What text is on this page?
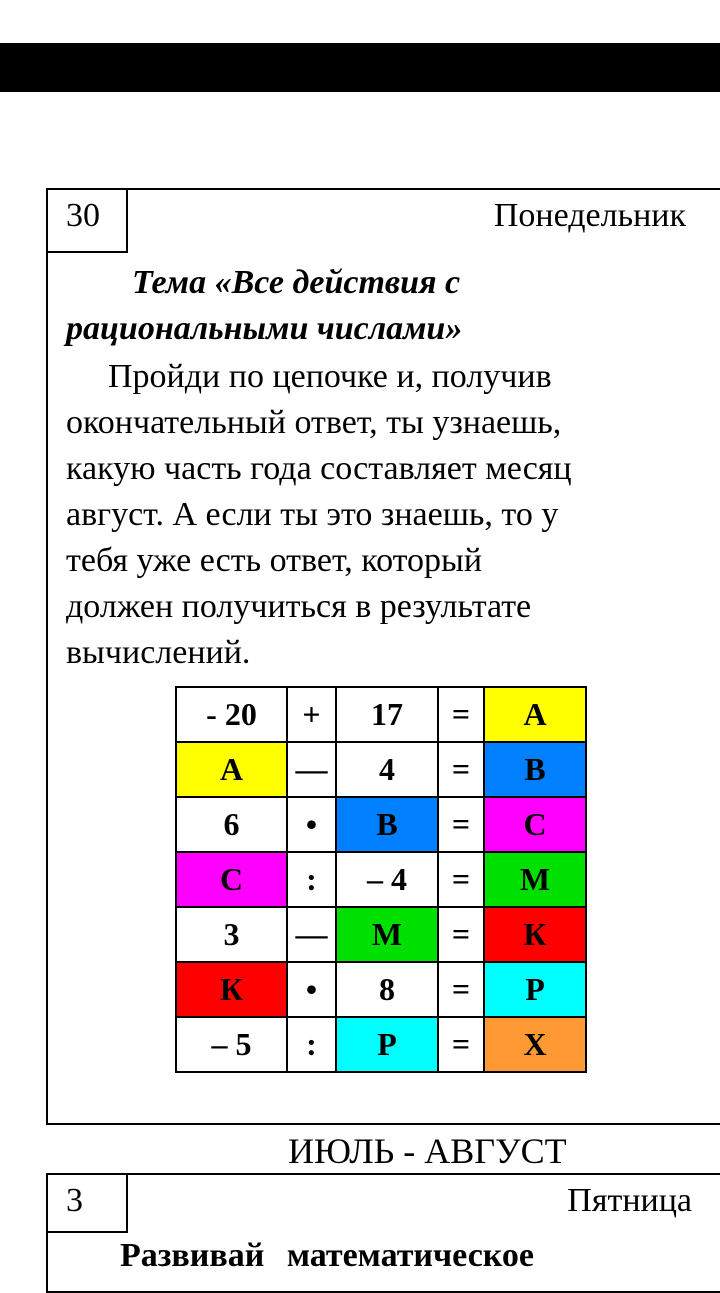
30	Понедельник
Тема «Все действия с
рациональными числами»
Пройди по цепочке и, получив
окончательный ответ, ты узнаешь,
какую часть года составляет месяц
август. А если ты это знаешь, то у
тебя уже есть ответ, который
должен получиться в результате
вычислений.
- 20	+	17	=	А
А	—	4	=	В
6	•	В	=	С
С	:	– 4	=	М
3	—	М	=	К
К	•	8	=	Р
– 5	:	Р	=	Х
ИЮЛЬ - АВГУСТ
3	Пятница
Развивай математическое
